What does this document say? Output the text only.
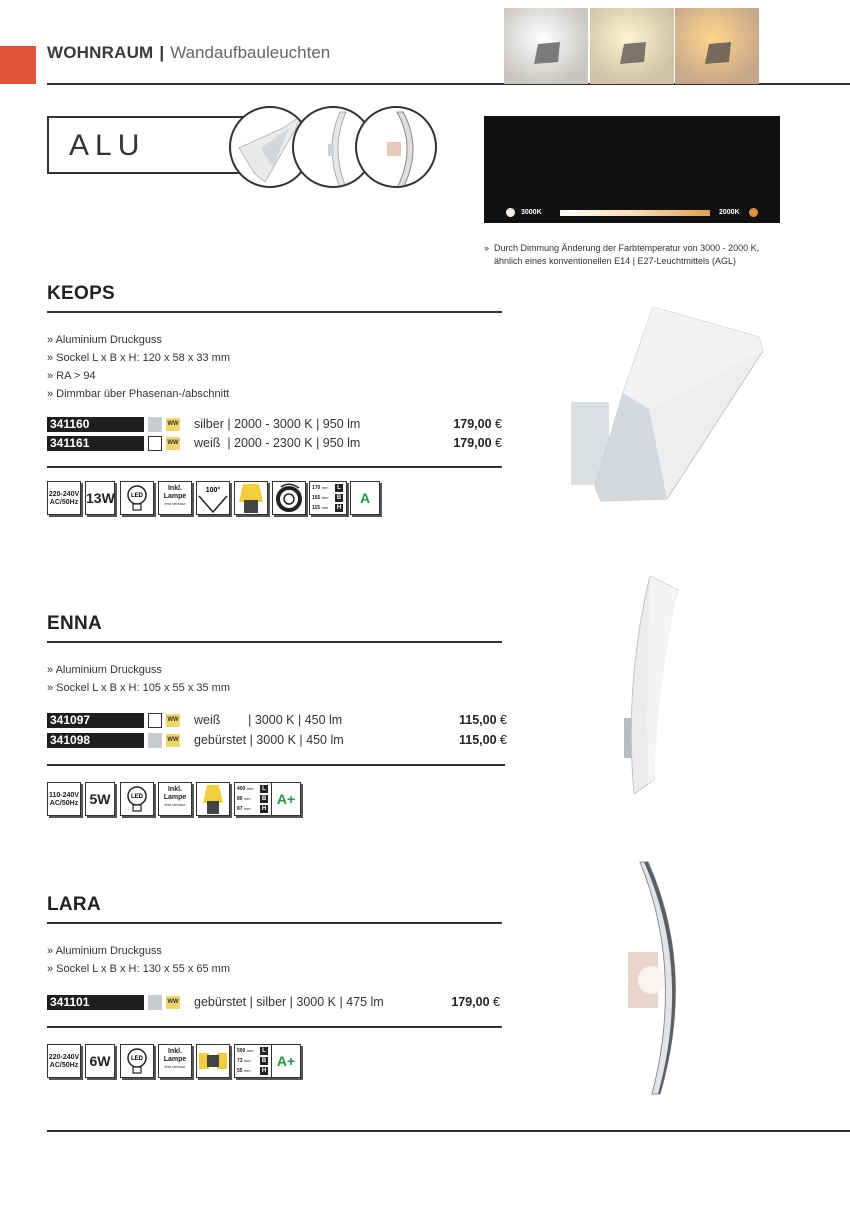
WOHNRAUM | Wandaufbauleuchten
ALU
3000K	2000K
» Durch Dimmung Änderung der Farbtemperatur von 3000 - 2000 K,
ähnlich eines konventionellen E14 | E27-Leuchtmittels (AGL)
KEOPS
» Aluminium Druckguss
» Sockel L x B x H: 120 x 58 x 33 mm
» RA > 94
» Dimmbar über Phasenan-/abschnitt
341160	WW silber | 2000 - 3000 K | 950 lm	179,00 €
341161	WW weiß  | 2000 - 2300 K | 950 lm	179,00 €
220-240V
AC/50Hz 13W	LED
Inkl.
Lampe
fest verbaut
100°	170 mm	L
155 mm	B
115 mm	H
A
ENNA
» Aluminium Druckguss
» Sockel L x B x H: 105 x 55 x 35 mm
341097	WW weiß        | 3000 K | 450 lm	115,00 €
341098	WW gebürstet | 3000 K | 450 lm	115,00 €
110-240V
AC/50Hz 5W	LED
Inkl.
Lampe
fest verbaut
400 mm	L
80 mm	B
87 mm	H
A+
LARA
» Aluminium Druckguss
» Sockel L x B x H: 130 x 55 x 65 mm
341101	WW gebürstet | silber | 3000 K | 475 lm	179,00 €
220-240V
AC/50Hz 6W	LED
Inkl.
Lampe
fest verbaut
500 mm	L
73 mm	B
55 mm	H
A+
